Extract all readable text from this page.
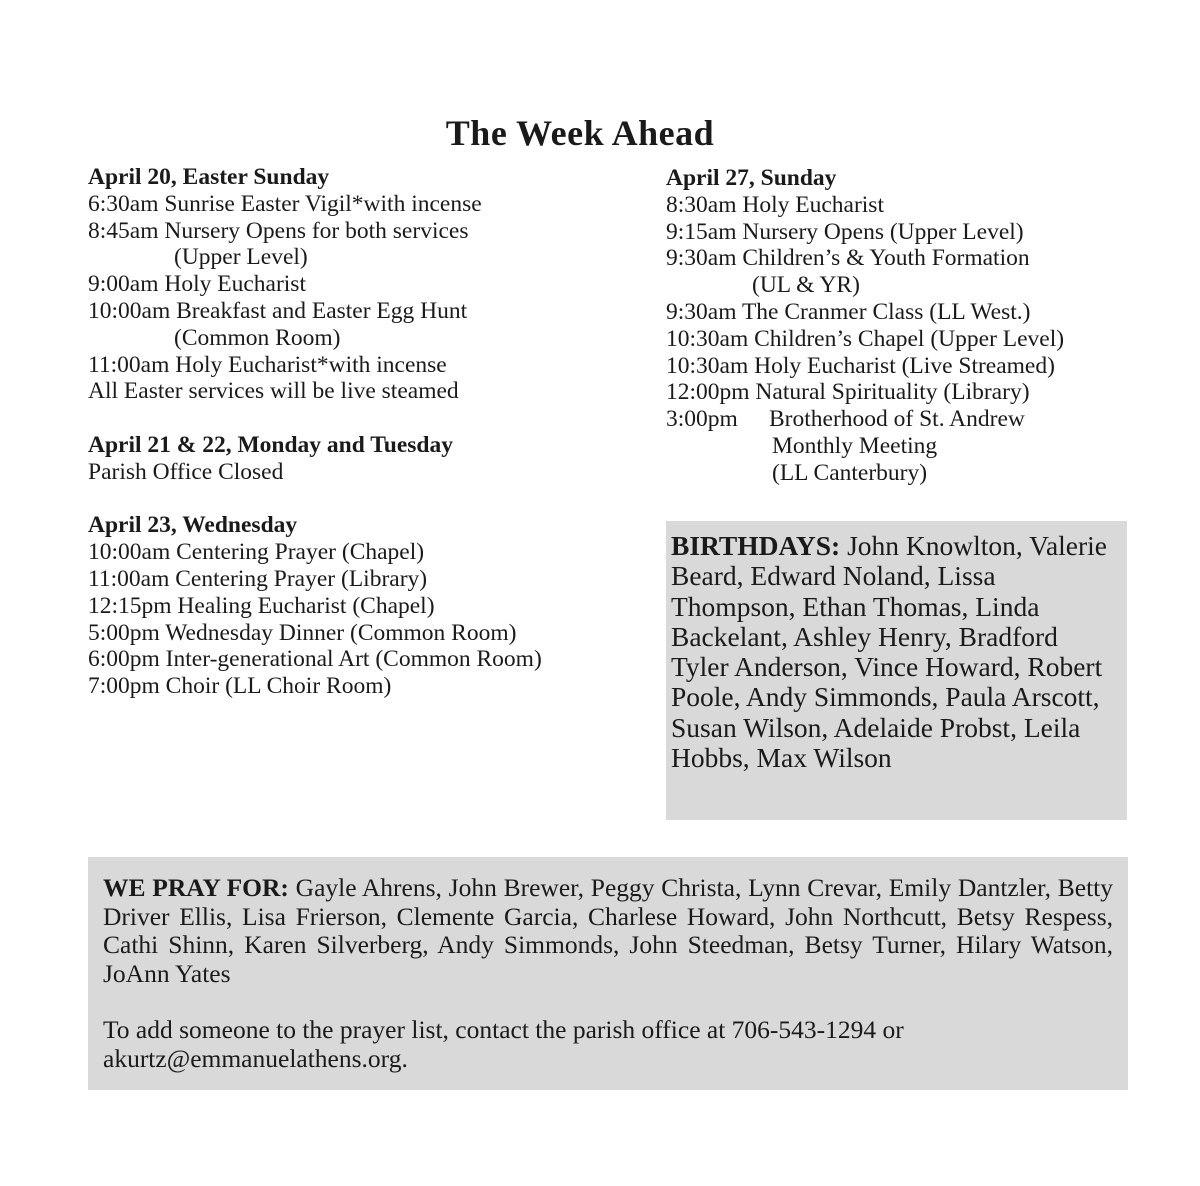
The Week Ahead
April 20, Easter Sunday
6:30am Sunrise Easter Vigil*with incense
8:45am Nursery Opens for both services
(Upper Level)
9:00am Holy Eucharist
10:00am Breakfast and Easter Egg Hunt
(Common Room)
11:00am Holy Eucharist*with incense
All Easter services will be live steamed
April 21 & 22, Monday and Tuesday
Parish Office Closed
April 23, Wednesday
10:00am Centering Prayer (Chapel)
11:00am Centering Prayer (Library)
12:15pm Healing Eucharist (Chapel)
5:00pm Wednesday Dinner (Common Room)
6:00pm Inter-generational Art (Common Room)
7:00pm Choir (LL Choir Room)
April 27, Sunday
8:30am Holy Eucharist
9:15am Nursery Opens (Upper Level)
9:30am Children’s & Youth Formation
(UL & YR)
9:30am The Cranmer Class (LL West.)
10:30am Children’s Chapel (Upper Level)
10:30am Holy Eucharist (Live Streamed)
12:00pm Natural Spirituality (Library)
3:00pm Brotherhood of St. Andrew
Monthly Meeting
(LL Canterbury)
BIRTHDAYS: John Knowlton, Valerie Beard, Edward Noland, Lissa Thompson, Ethan Thomas, Linda Backelant, Ashley Henry, Bradford Tyler Anderson, Vince Howard, Robert Poole, Andy Simmonds, Paula Arscott, Susan Wilson, Adelaide Probst, Leila Hobbs, Max Wilson
WE PRAY FOR: Gayle Ahrens, John Brewer, Peggy Christa, Lynn Crevar, Emily Dantzler, Betty Driver Ellis, Lisa Frierson, Clemente Garcia, Charlese Howard, John Northcutt, Betsy Respess, Cathi Shinn, Karen Silverberg, Andy Simmonds, John Steedman, Betsy Turner, Hilary Watson, JoAnn Yates
To add someone to the prayer list, contact the parish office at 706-543-1294 or akurtz@emmanuelathens.org.
